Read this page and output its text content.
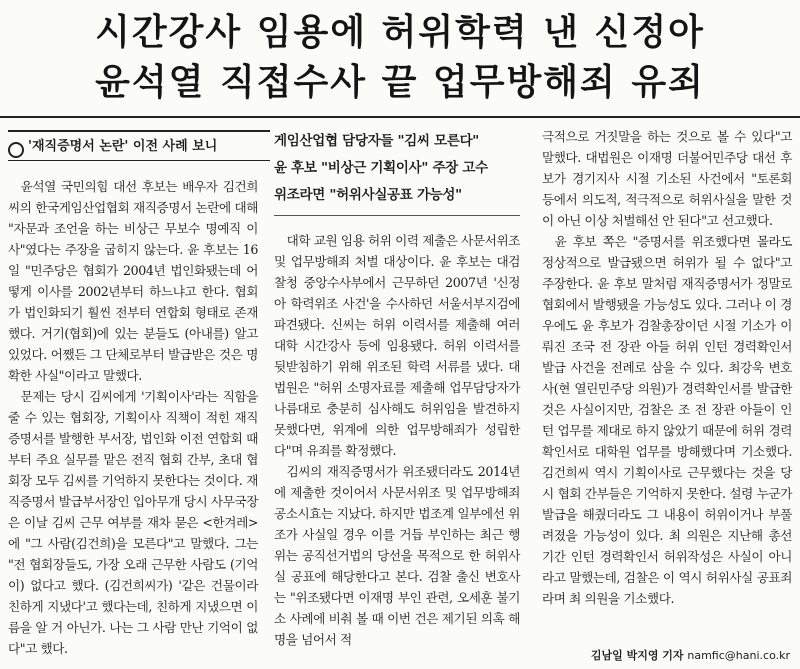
시간강사 임용에 허위학력 낸 신정아
윤석열 직접수사 끝 업무방해죄 유죄
'재직증명서 논란' 이전 사례 보니

윤석열 국민의힘 대선 후보는 배우자 김건희 씨의 한국게임산업협회 재직증명서 논란에 대해 "자문과 조언을 하는 비상근 무보수 명예직 이사"였다는 주장을 굽히지 않는다. 윤 후보는 16일 "민주당은 협회가 2004년 법인화됐는데 어떻게 이사를 2002년부터 하느냐고 한다. 협회가 법인화되기 훨씬 전부터 연합회 형태로 존재했다. 거기(협회)에 있는 분들도 (아내를) 알고 있었다. 어쨌든 그 단체로부터 발급받은 것은 명확한 사실"이라고 말했다.

문제는 당시 김씨에게 '기획이사'라는 직함을 줄 수 있는 협회장, 기획이사 직책이 적힌 재직증명서를 발행한 부서장, 법인화 이전 연합회 때부터 주요 실무를 맡은 전직 협회 간부, 초대 협회장 모두 김씨를 기억하지 못한다는 것이다. 재직증명서 발급부서장인 입아무개 당시 사무국장은 이날 김씨 근무 여부를 재차 묻은 <한겨레>에 "그 사람(김건희)을 모른다"고 말했다. 그는 "전 협회장들도, 가장 오래 근무한 사람도 (기억이) 없다고 했다. (김건희씨가) '같은 건물이라 친하게 지냈다'고 했다는데, 친하게 지냈으면 이름을 알 거 아닌가. 나는 그 사람 만난 기억이 없다"고 했다.

게임산업협 담당자들 "김씨 모른다"
윤 후보 "비상근 기획이사" 주장 고수
위조라면 "허위사실공표 가능성"

대학 교원 임용 허위 이력 제출은 사문서위조 및 업무방해죄 처벌 대상이다. 윤 후보는 대검찰청 중앙수사부에서 근무하던 2007년 '신정아 학력위조 사건'을 수사하던 서울서부지검에 파견됐다. 신씨는 허위 이력서를 제출해 여러 대학 시간강사 등에 임용됐다. 허위 이력서를 뒷받침하기 위해 위조된 학력 서류를 냈다. 대법원은 "허위 소명자료를 제출해 업무담당자가 나름대로 충분히 심사해도 허위임을 발견하지 못했다면, 위계에 의한 업무방해죄가 성립한다"며 유죄를 확정했다.

김씨의 재직증명서가 위조됐더라도 2014년에 제출한 것이어서 사문서위조 및 업무방해죄 공소시효는 지났다. 하지만 법조계 일부에선 위조가 사실일 경우 이를 거듭 부인하는 최근 행위는 공직선거법의 당선을 목적으로 한 허위사실 공표에 해당한다고 본다. 검찰 출신 변호사는 "위조됐다면 이재명 부인 관련, 오세훈 불기소 사례에 비춰 볼 때 이번 건은 제기된 의혹 해명을 넘어서 적

극적으로 거짓말을 하는 것으로 볼 수 있다"고 말했다. 대법원은 이재명 더불어민주당 대선 후보가 경기지사 시절 기소된 사건에서 "토론회 등에서 의도적, 적극적으로 허위사실을 말한 것이 아닌 이상 처벌해선 안 된다"고 선고했다.

윤 후보 쪽은 "증명서를 위조했다면 몰라도 정상적으로 발급됐으면 허위가 될 수 없다"고 주장한다. 윤 후보 말처럼 재직증명서가 정말로 협회에서 발행됐을 가능성도 있다. 그러나 이 경우에도 윤 후보가 검찰총장이던 시절 기소가 이뤄진 조국 전 장관 아들 허위 인턴 경력확인서 발급 사건을 전례로 삼을 수 있다. 최강욱 변호사(현 열린민주당 의원)가 경력확인서를 발급한 것은 사실이지만, 검찰은 조 전 장관 아들이 인턴 업무를 제대로 하지 않았기 때문에 허위 경력확인서로 대학원 업무를 방해했다며 기소했다. 김건희씨 역시 기획이사로 근무했다는 것을 당시 협회 간부들은 기억하지 못한다. 설령 누군가 발급을 해줬더라도 그 내용이 허위이거나 부풀려졌을 가능성이 있다. 최 의원은 지난해 총선 기간 인턴 경력확인서 허위작성은 사실이 아니라고 말했는데, 검찰은 이 역시 허위사실 공표죄라며 최 의원을 기소했다.

김남일 박지영 기자 namfic@hani.co.kr
